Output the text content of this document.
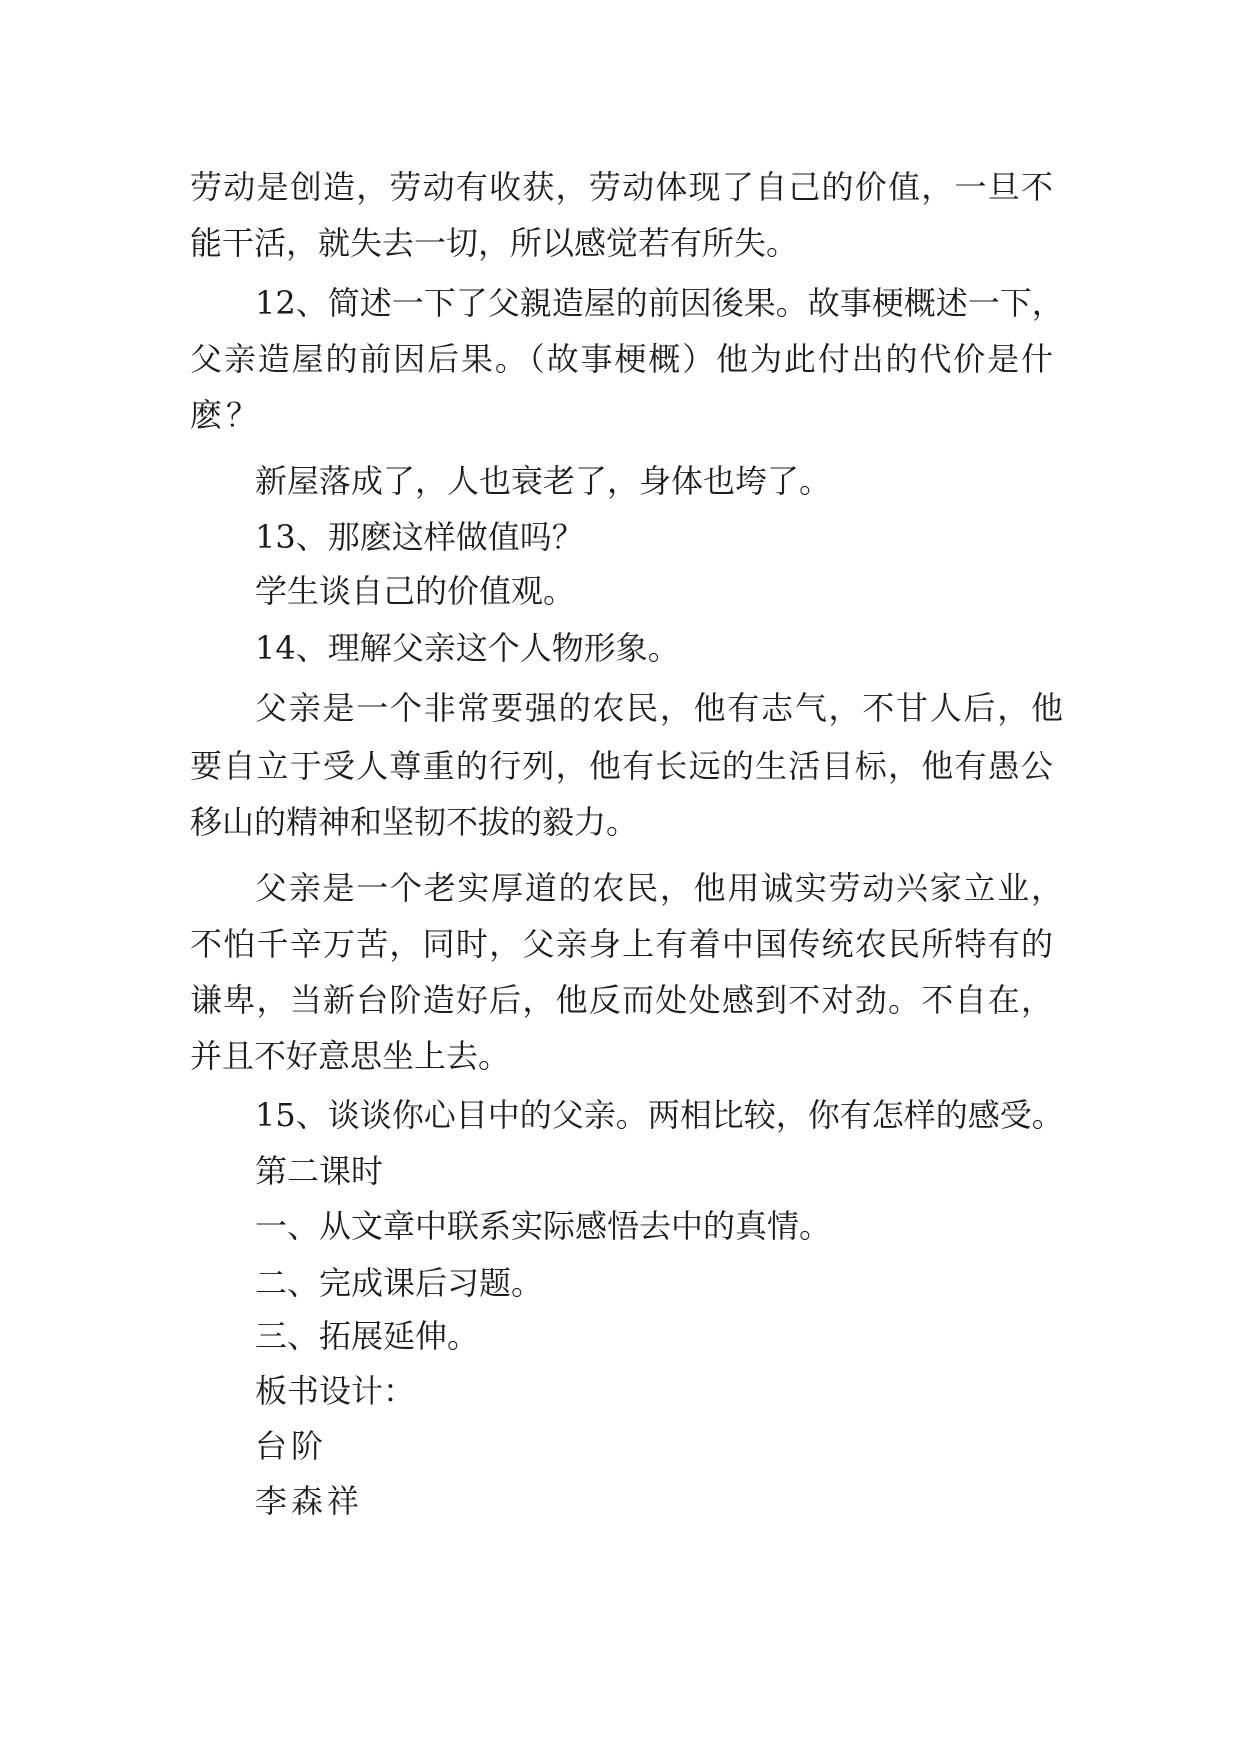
劳动是创造，劳动有收获，劳动体现了自己的价值，一旦不
能干活，就失去一切，所以感觉若有所失。
12、简述一下了父親造屋的前因後果。故事梗概述一下，
父亲造屋的前因后果。（故事梗概）他为此付出的代价是什
麽？
新屋落成了，人也衰老了，身体也垮了。
13、那麽这样做值吗？
学生谈自己的价值观。
14、理解父亲这个人物形象。
父亲是一个非常要强的农民，他有志气，不甘人后，他
要自立于受人尊重的行列，他有长远的生活目标，他有愚公
移山的精神和坚韧不拔的毅力。
父亲是一个老实厚道的农民，他用诚实劳动兴家立业，
不怕千辛万苦，同时，父亲身上有着中国传统农民所特有的
谦卑，当新台阶造好后，他反而处处感到不对劲。不自在，
并且不好意思坐上去。
15、谈谈你心目中的父亲。两相比较，你有怎样的感受。
第二课时
一、从文章中联系实际感悟去中的真情。
二、完成课后习题。
三、拓展延伸。
板书设计：
台阶
李森祥
